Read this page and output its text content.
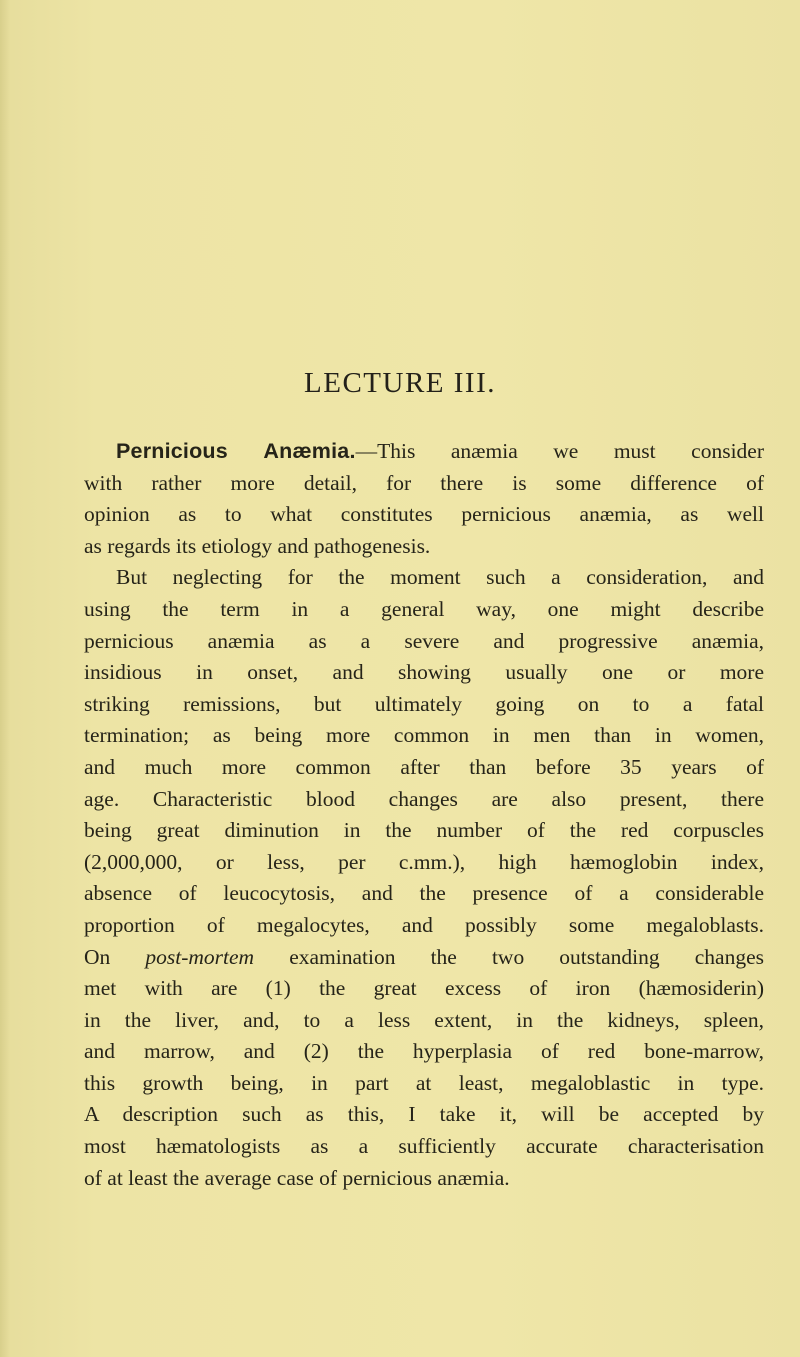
LECTURE III.
Pernicious Anæmia.—This anæmia we must consider
with rather more detail, for there is some difference of
opinion as to what constitutes pernicious anæmia, as well
as regards its etiology and pathogenesis.
But neglecting for the moment such a consideration, and
using the term in a general way, one might describe
pernicious anæmia as a severe and progressive anæmia,
insidious in onset, and showing usually one or more
striking remissions, but ultimately going on to a fatal
termination; as being more common in men than in women,
and much more common after than before 35 years of
age. Characteristic blood changes are also present, there
being great diminution in the number of the red corpuscles
(2,000,000, or less, per c.mm.), high hæmoglobin index,
absence of leucocytosis, and the presence of a considerable
proportion of megalocytes, and possibly some megaloblasts.
On post-mortem examination the two outstanding changes
met with are (1) the great excess of iron (hæmosiderin)
in the liver, and, to a less extent, in the kidneys, spleen,
and marrow, and (2) the hyperplasia of red bone-marrow,
this growth being, in part at least, megaloblastic in type.
A description such as this, I take it, will be accepted by
most hæmatologists as a sufficiently accurate characterisation
of at least the average case of pernicious anæmia.
